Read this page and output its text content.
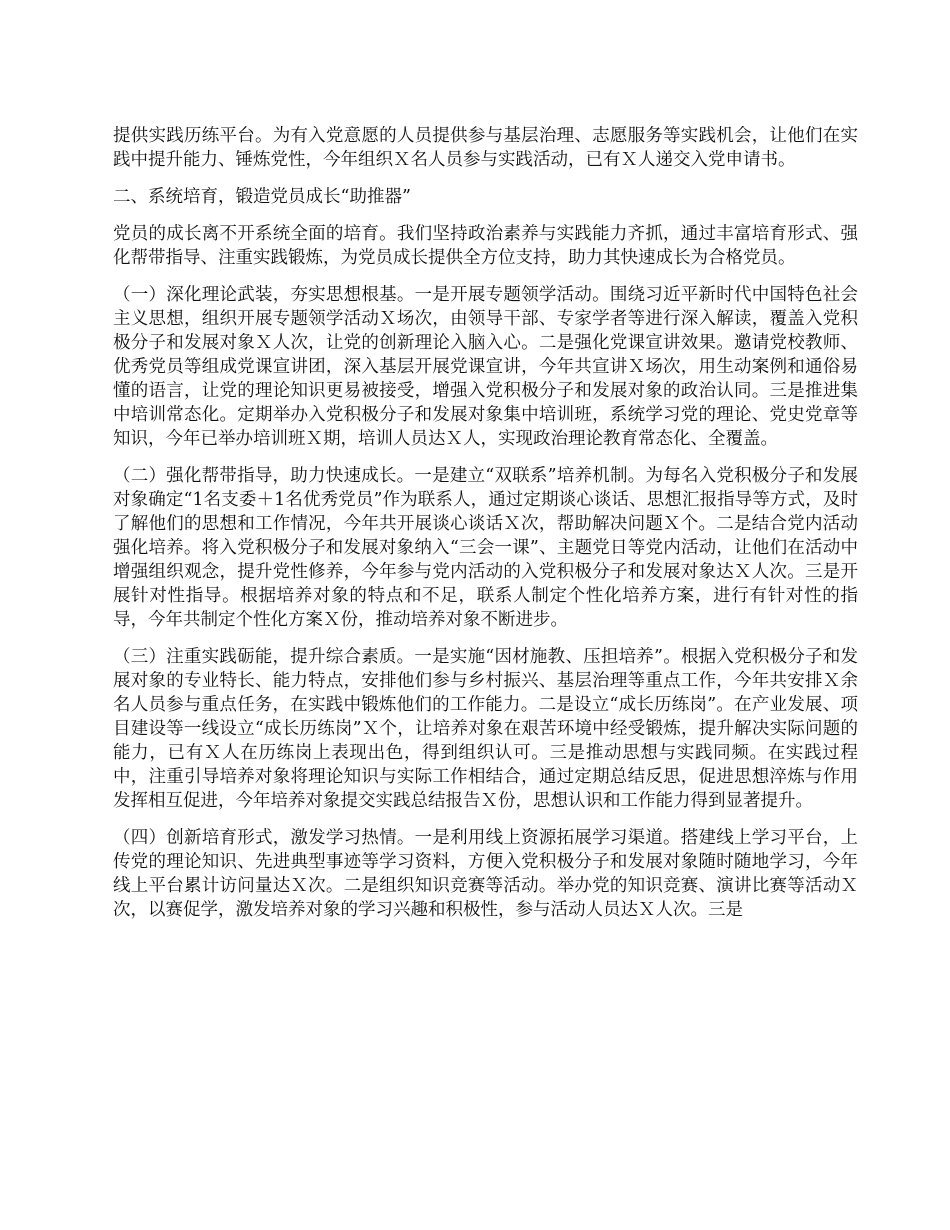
提供实践历练平台。为有入党意愿的人员提供参与基层治理、志愿服务等实践机会，让他们在实践中提升能力、锤炼党性，今年组织Ｘ名人员参与实践活动，已有Ｘ人递交入党申请书。

二、系统培育，锻造党员成长“助推器”

党员的成长离不开系统全面的培育。我们坚持政治素养与实践能力齐抓，通过丰富培育形式、强化帮带指导、注重实践锻炼，为党员成长提供全方位支持，助力其快速成长为合格党员。

（一）深化理论武装，夯实思想根基。一是开展专题领学活动。围绕习近平新时代中国特色社会主义思想，组织开展专题领学活动Ｘ场次，由领导干部、专家学者等进行深入解读，覆盖入党积极分子和发展对象Ｘ人次，让党的创新理论入脑入心。二是强化党课宣讲效果。邀请党校教师、优秀党员等组成党课宣讲团，深入基层开展党课宣讲，今年共宣讲Ｘ场次，用生动案例和通俗易懂的语言，让党的理论知识更易被接受，增强入党积极分子和发展对象的政治认同。三是推进集中培训常态化。定期举办入党积极分子和发展对象集中培训班，系统学习党的理论、党史党章等知识，今年已举办培训班Ｘ期，培训人员达Ｘ人，实现政治理论教育常态化、全覆盖。

（二）强化帮带指导，助力快速成长。一是建立“双联系”培养机制。为每名入党积极分子和发展对象确定“1名支委＋1名优秀党员”作为联系人，通过定期谈心谈话、思想汇报指导等方式，及时了解他们的思想和工作情况，今年共开展谈心谈话Ｘ次，帮助解决问题Ｘ个。二是结合党内活动强化培养。将入党积极分子和发展对象纳入“三会一课”、主题党日等党内活动，让他们在活动中增强组织观念，提升党性修养，今年参与党内活动的入党积极分子和发展对象达Ｘ人次。三是开展针对性指导。根据培养对象的特点和不足，联系人制定个性化培养方案，进行有针对性的指导，今年共制定个性化方案Ｘ份，推动培养对象不断进步。

（三）注重实践砺能，提升综合素质。一是实施“因材施教、压担培养”。根据入党积极分子和发展对象的专业特长、能力特点，安排他们参与乡村振兴、基层治理等重点工作，今年共安排Ｘ余名人员参与重点任务，在实践中锻炼他们的工作能力。二是设立“成长历练岗”。在产业发展、项目建设等一线设立“成长历练岗”Ｘ个，让培养对象在艰苦环境中经受锻炼，提升解决实际问题的能力，已有Ｘ人在历练岗上表现出色，得到组织认可。三是推动思想与实践同频。在实践过程中，注重引导培养对象将理论知识与实际工作相结合，通过定期总结反思，促进思想淬炼与作用发挥相互促进，今年培养对象提交实践总结报告Ｘ份，思想认识和工作能力得到显著提升。

（四）创新培育形式，激发学习热情。一是利用线上资源拓展学习渠道。搭建线上学习平台，上传党的理论知识、先进典型事迹等学习资料，方便入党积极分子和发展对象随时随地学习，今年线上平台累计访问量达Ｘ次。二是组织知识竞赛等活动。举办党的知识竞赛、演讲比赛等活动Ｘ次，以赛促学，激发培养对象的学习兴趣和积极性，参与活动人员达Ｘ人次。三是
